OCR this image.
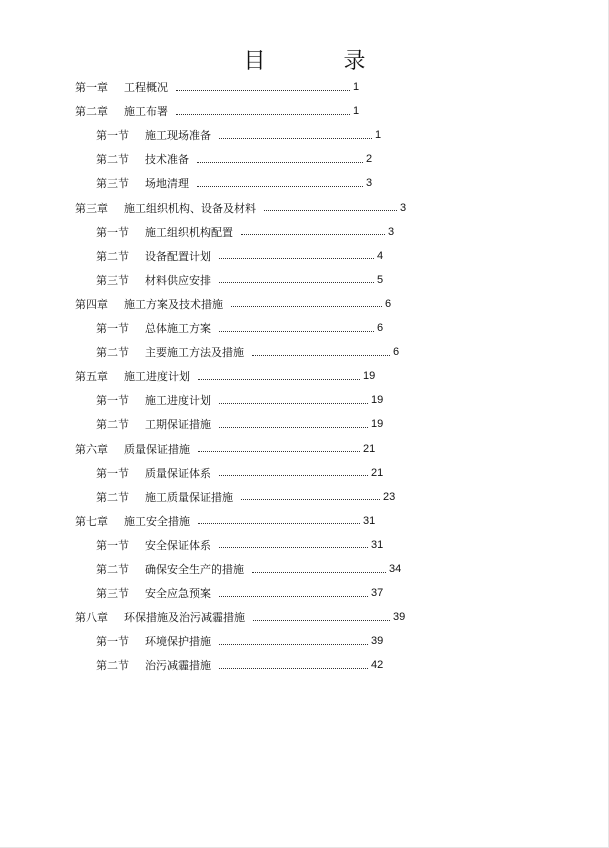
目　录
第一章 工程概况	1
第二章 施工布署	1
第一节 施工现场准备	1
第二节 技术准备	2
第三节 场地清理	3
第三章 施工组织机构、设备及材料	3
第一节 施工组织机构配置	3
第二节 设备配置计划	4
第三节 材料供应安排	5
第四章 施工方案及技术措施	6
第一节 总体施工方案	6
第二节 主要施工方法及措施	6
第五章 施工进度计划	19
第一节 施工进度计划	19
第二节 工期保证措施	19
第六章 质量保证措施	21
第一节 质量保证体系	21
第二节 施工质量保证措施	23
第七章 施工安全措施	31
第一节 安全保证体系	31
第二节 确保安全生产的措施	34
第三节 安全应急预案	37
第八章 环保措施及治污减霾措施	39
第一节 环境保护措施	39
第二节 治污减霾措施	42
